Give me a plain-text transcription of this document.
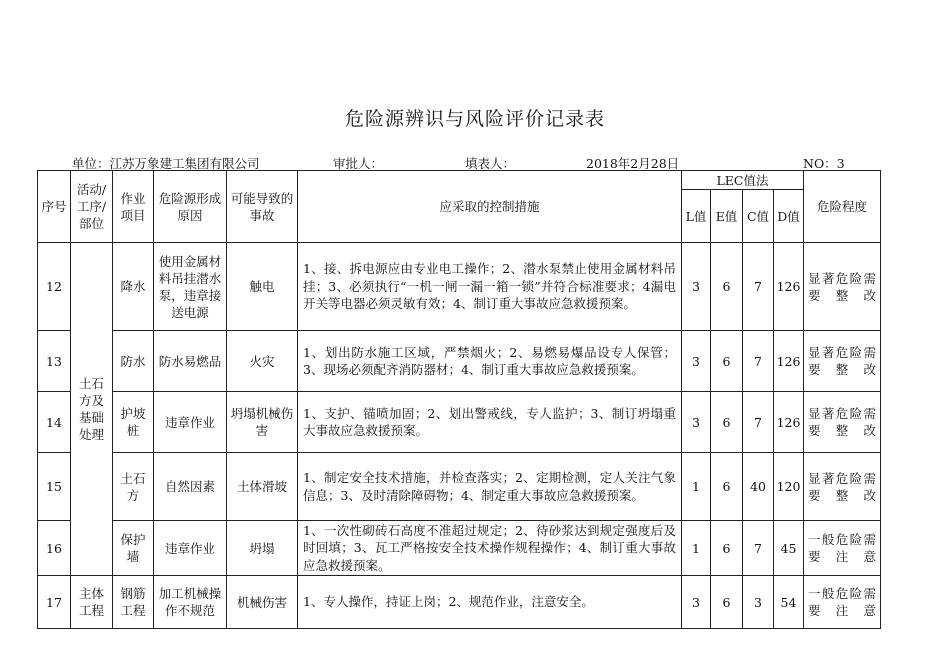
危险源辨识与风险评价记录表
单位：江苏万象建工集团有限公司	审批人：	填表人：	2018年2月28日	NO：3
序号	活动/工序/部位	作业项目	危险源形成原因	可能导致的事故	应采取的控制措施	LEC值法				危险程度
						L值	E值	C值	D值	
12	土石方及基础处理	降水	使用金属材料吊挂潜水泵，违章接送电源	触电	1、接、拆电源应由专业电工操作；2、潜水泵禁止使用金属材料吊挂；3、必须执行“一机一闸一漏一箱一锁”并符合标准要求；4漏电开关等电器必须灵敏有效；4、制订重大事故应急救援预案。	3	6	7	126	显著危险需要整改
13		防水	防水易燃品	火灾	1、划出防水施工区域，严禁烟火；2、易燃易爆品设专人保管；3、现场必须配齐消防器材；4、制订重大事故应急救援预案。	3	6	7	126	显著危险需要整改
14		护坡桩	违章作业	坍塌机械伤害	1、支护、锚喷加固；2、划出警戒线，专人监护；3、制订坍塌重大事故应急救援预案。	3	6	7	126	显著危险需要整改
15		土石方	自然因素	土体滑坡	1、制定安全技术措施，并检查落实；2、定期检测，定人关注气象信息；3、及时清除障碍物；4、制定重大事故应急救援预案。	1	6	40	120	显著危险需要整改
16		保护墙	违章作业	坍塌	1、一次性砌砖石高度不准超过规定；2、待砂浆达到规定强度后及时回填；3、瓦工严格按安全技术操作规程操作；4、制订重大事故应急救援预案。	1	6	7	45	一般危险需要注意
17	主体工程	钢筋工程	加工机械操作不规范	机械伤害	1、专人操作，持证上岗；2、规范作业，注意安全。	3	6	3	54	一般危险需要注意
